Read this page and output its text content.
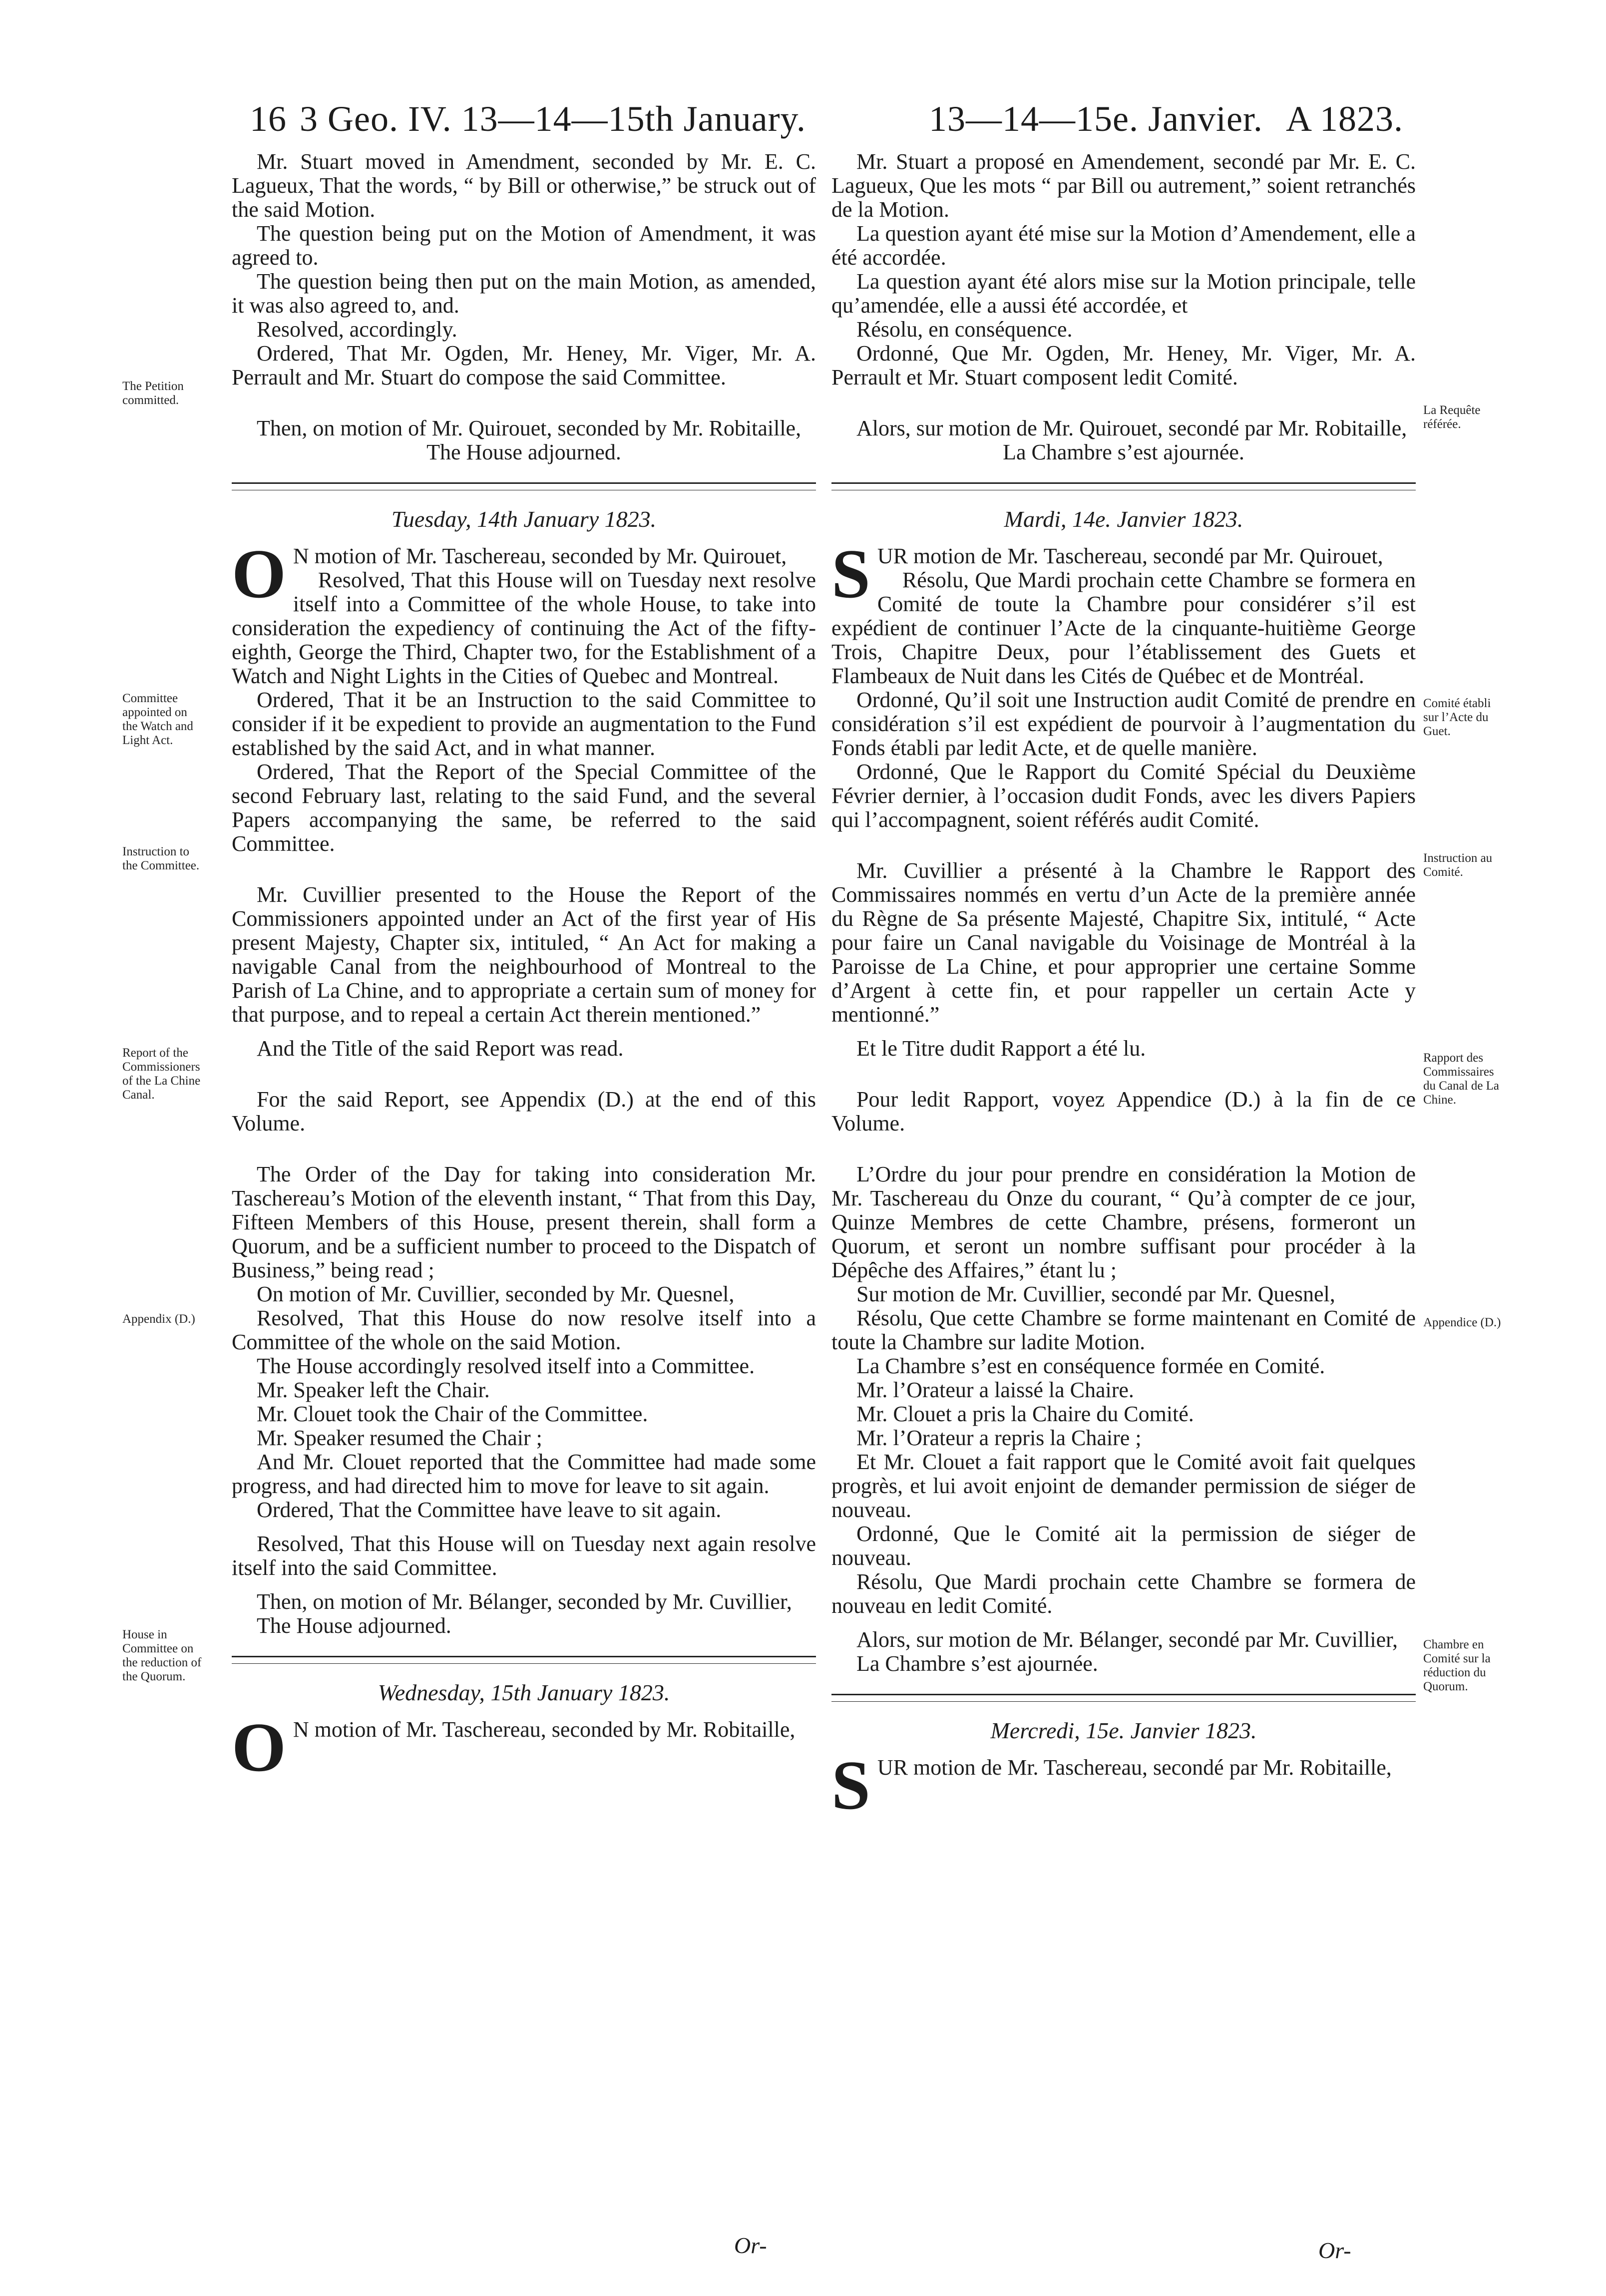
16 3 Geo. IV. 13—14—15th January.	13—14—15e. Janvier. A 1823.

Mr. Stuart moved in Amendment, seconded by Mr. E. C. Lagueux, That the words, “ by Bill or otherwise,” be struck out of the said Motion.

The question being put on the Motion of Amendment, it was agreed to.

The question being then put on the main Motion, as amended, it was also agreed to, and.

Resolved, accordingly.

Ordered, That Mr. Ogden, Mr. Heney, Mr. Viger, Mr. A. Perrault and Mr. Stuart do compose the said Committee.

Then, on motion of Mr. Quirouet, seconded by Mr. Robitaille,

The House adjourned.

Tuesday, 14th January 1823.

O N motion of Mr. Taschereau, seconded by Mr. Quirouet,

Resolved, That this House will on Tuesday next resolve itself into a Committee of the whole House, to take into consideration the expediency of continuing the Act of the fifty-eighth, George the Third, Chapter two, for the Establishment of a Watch and Night Lights in the Cities of Quebec and Montreal.

Ordered, That it be an Instruction to the said Committee to consider if it be expedient to provide an augmentation to the Fund established by the said Act, and in what manner.

Ordered, That the Report of the Special Committee of the second February last, relating to the said Fund, and the several Papers accompanying the same, be referred to the said Committee.

Mr. Cuvillier presented to the House the Report of the Commissioners appointed under an Act of the first year of His present Majesty, Chapter six, intituled, “ An Act for making a navigable Canal from the neighbourhood of Montreal to the Parish of La Chine, and to appropriate a certain sum of money for that purpose, and to repeal a certain Act therein mentioned.”

And the Title of the said Report was read.

For the said Report, see Appendix (D.) at the end of this Volume.

The Order of the Day for taking into consideration Mr. Taschereau’s Motion of the eleventh instant, “ That from this Day, Fifteen Members of this House, present therein, shall form a Quorum, and be a sufficient number to proceed to the Dispatch of Business,” being read ;

On motion of Mr. Cuvillier, seconded by Mr. Quesnel,

Resolved, That this House do now resolve itself into a Committee of the whole on the said Motion.

The House accordingly resolved itself into a Committee.

Mr. Speaker left the Chair.

Mr. Clouet took the Chair of the Committee.

Mr. Speaker resumed the Chair ;

And Mr. Clouet reported that the Committee had made some progress, and had directed him to move for leave to sit again.

Ordered, That the Committee have leave to sit again.

Resolved, That this House will on Tuesday next again resolve itself into the said Committee.

Then, on motion of Mr. Bélanger, seconded by Mr. Cuvillier,

The House adjourned.

Wednesday, 15th January 1823.

O N motion of Mr. Taschereau, seconded by Mr. Robitaille,

Mr. Stuart a proposé en Amendement, secondé par Mr. E. C. Lagueux, Que les mots “ par Bill ou autrement,” soient retranchés de la Motion.

La question ayant été mise sur la Motion d’Amendement, elle a été accordée.

La question ayant été alors mise sur la Motion principale, telle qu’amendée, elle a aussi été accordée, et

Résolu, en conséquence.

Ordonné, Que Mr. Ogden, Mr. Heney, Mr. Viger, Mr. A. Perrault et Mr. Stuart composent ledit Comité.

Alors, sur motion de Mr. Quirouet, secondé par Mr. Robitaille,

La Chambre s’est ajournée.

Mardi, 14e. Janvier 1823.

SUR motion de Mr. Taschereau, secondé par Mr. Quirouet,

Résolu, Que Mardi prochain cette Chambre se formera en Comité de toute la Chambre pour considérer s’il est expédient de continuer l’Acte de la cinquante-huitième George Trois, Chapitre Deux, pour l’établissement des Guets et Flambeaux de Nuit dans les Cités de Québec et de Montréal.

Ordonné, Qu’il soit une Instruction audit Comité de prendre en considération s’il est expédient de pourvoir à l’augmentation du Fonds établi par ledit Acte, et de quelle manière.

Ordonné, Que le Rapport du Comité Spécial du Deuxième Février dernier, à l’occasion dudit Fonds, avec les divers Papiers qui l’accompagnent, soient référés audit Comité.

Mr. Cuvillier a présenté à la Chambre le Rapport des Commissaires nommés en vertu d’un Acte de la première année du Règne de Sa présente Majesté, Chapitre Six, intitulé, “ Acte pour faire un Canal navigable du Voisinage de Montréal à la Paroisse de La Chine, et pour approprier une certaine Somme d’Argent à cette fin, et pour rappeller un certain Acte y mentionné.”

Et le Titre dudit Rapport a été lu.

Pour ledit Rapport, voyez Appendice (D.) à la fin de ce Volume.

L’Ordre du jour pour prendre en considération la Motion de Mr. Taschereau du Onze du courant, “ Qu’à compter de ce jour, Quinze Membres de cette Chambre, présens, formeront un Quorum, et seront un nombre suffisant pour procéder à la Dépêche des Affaires,” étant lu ;

Sur motion de Mr. Cuvillier, secondé par Mr. Quesnel,

Résolu, Que cette Chambre se forme maintenant en Comité de toute la Chambre sur ladite Motion.

La Chambre s’est en conséquence formée en Comité.

Mr. l’Orateur a laissé la Chaire.

Mr. Clouet a pris la Chaire du Comité.

Mr. l’Orateur a repris la Chaire ;

Et Mr. Clouet a fait rapport que le Comité avoit fait quelques progrès, et lui avoit enjoint de demander permission de siéger de nouveau.

Ordonné, Que le Comité ait la permission de siéger de nouveau.

Résolu, Que Mardi prochain cette Chambre se formera de nouveau en ledit Comité.

Alors, sur motion de Mr. Bélanger, secondé par Mr. Cuvillier,

La Chambre s’est ajournée.

Mercredi, 15e. Janvier 1823.

SUR motion de Mr. Taschereau, secondé par Mr. Robitaille,

The Petition committed.
La Requête référée.
Committee appointed on the Watch and Light Act.
Comité établi sur l’Acte du Guet.
Instruction to the Committee.
Instruction au Comité.
Report of the Commissioners of the La Chine Canal.
Rapport des Commissaires du Canal de La Chine.
Appendix (D.)	Appendice (D.)
House in Committee on the reduction of the Quorum.
Chambre en Comité sur la réduction du Quorum.
Or-	Or-
